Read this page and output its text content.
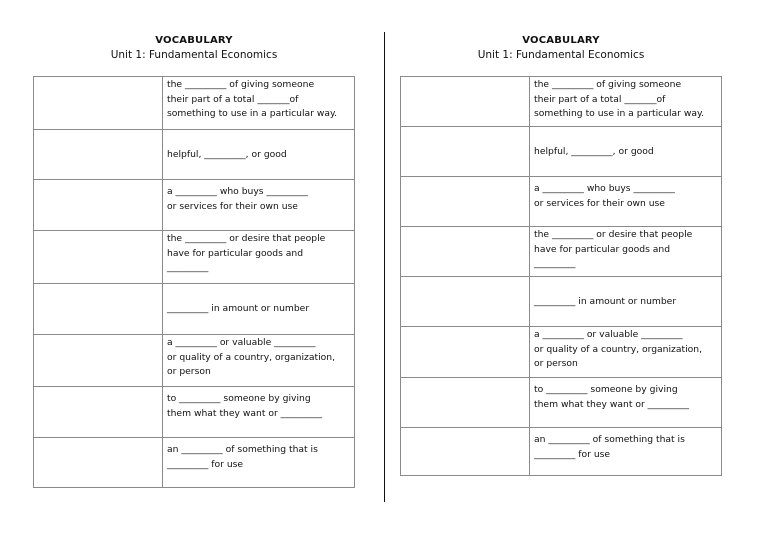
VOCABULARY
Unit 1: Fundamental Economics

	the _________ of giving someone
their part of a total _______of
something to use in a particular way.

	helpful, _________, or good

	a _________ who buys _________
or services for their own use

	the _________ or desire that people
have for particular goods and
_________

	_________ in amount or number

	a _________ or valuable _________
or quality of a country, organization,
or person

	to _________ someone by giving
them what they want or _________

	an _________ of something that is
_________ for use
VOCABULARY
Unit 1: Fundamental Economics

	the _________ of giving someone
their part of a total _______of
something to use in a particular way.

	helpful, _________, or good

	a _________ who buys _________
or services for their own use

	the _________ or desire that people
have for particular goods and
_________

	_________ in amount or number

	a _________ or valuable _________
or quality of a country, organization,
or person

	to _________ someone by giving
them what they want or _________

	an _________ of something that is
_________ for use
